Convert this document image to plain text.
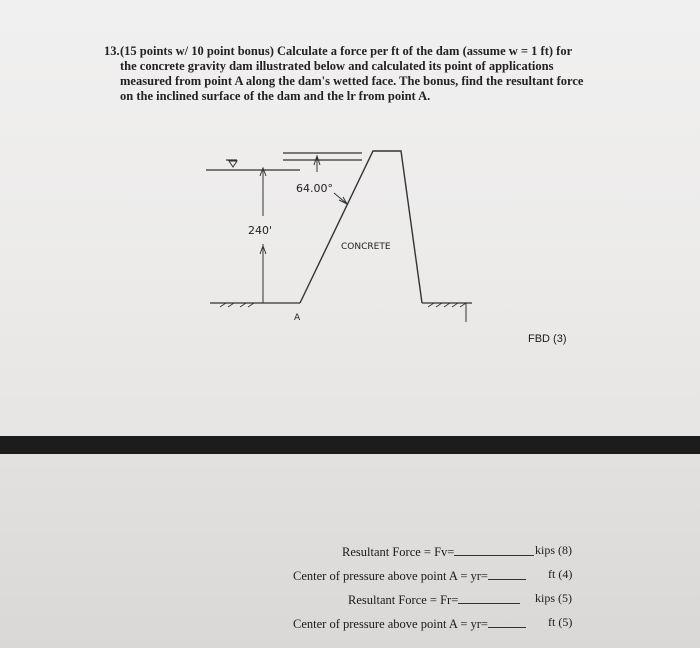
13. (15 points w/ 10 point bonus) Calculate a force per ft of the dam (assume w = 1 ft) for
the concrete gravity dam illustrated below and calculated its point of applications
measured from point A along the dam's wetted face. The bonus, find the resultant force
on the inclined surface of the dam and the lr from point A.
64.00°
240'
CONCRETE
A
FBD (3)
Resultant Force = Fv=	kips (8)
Center of pressure above point A = yr=	ft (4)
Resultant Force = Fr=	kips (5)
Center of pressure above point A = yr=	ft (5)
